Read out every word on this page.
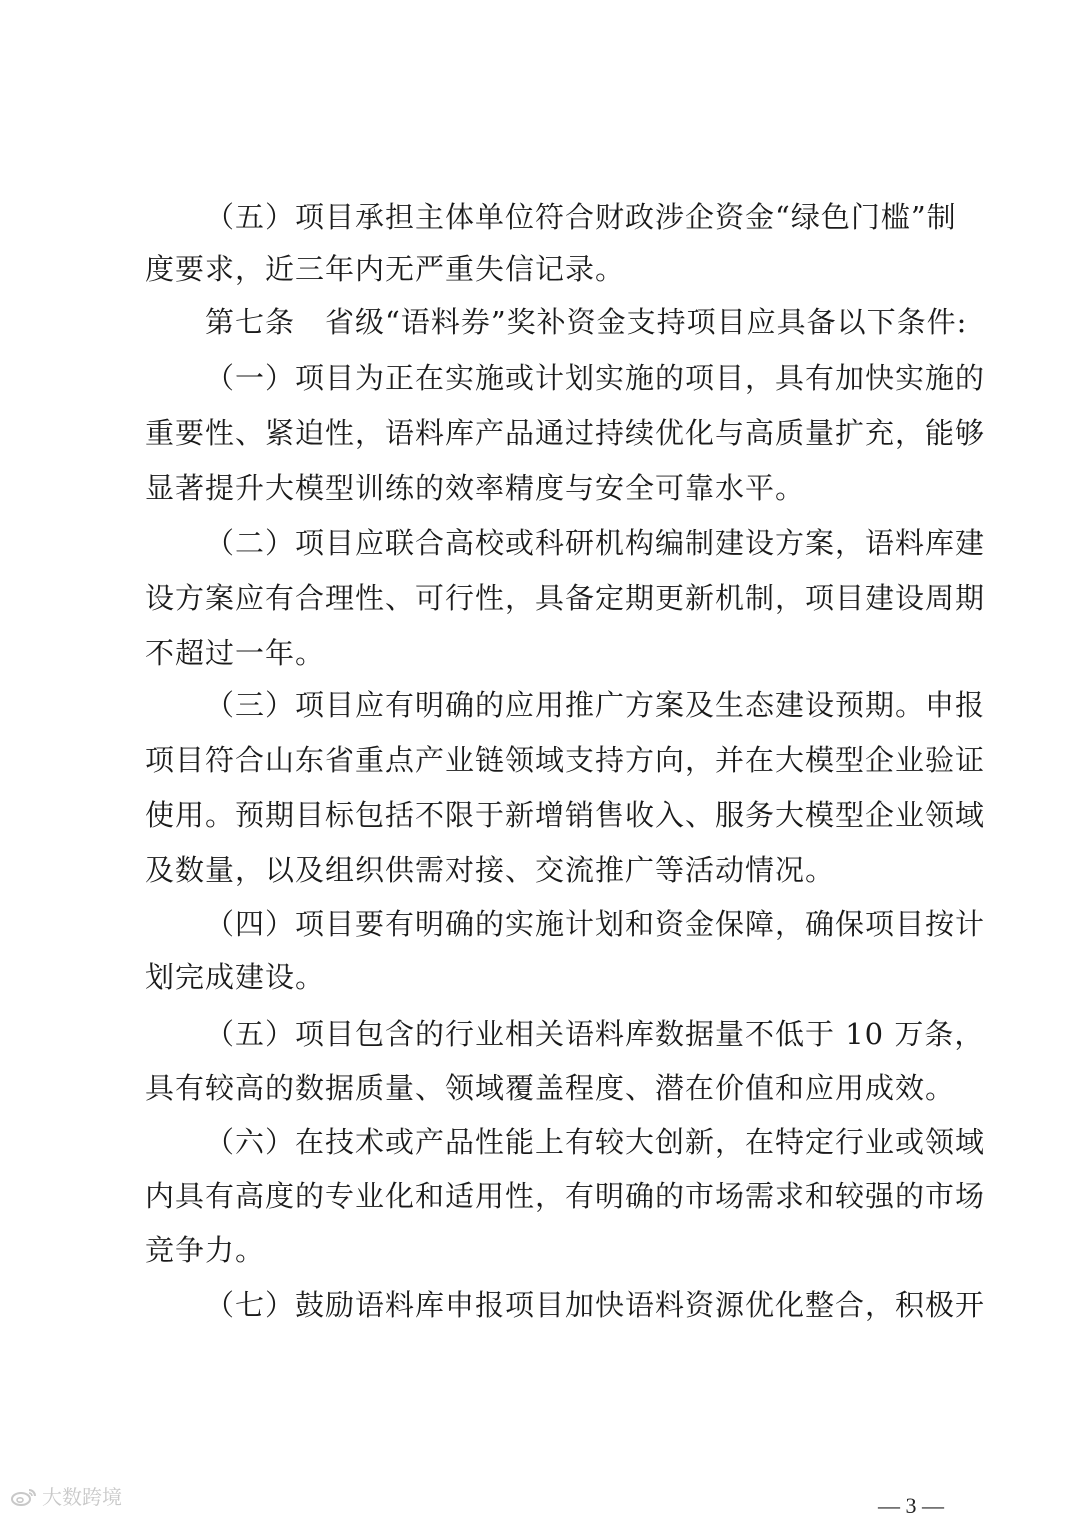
（五）项目承担主体单位符合财政涉企资金“绿色门槛”制
度要求，近三年内无严重失信记录。
第七条　省级“语料券”奖补资金支持项目应具备以下条件:
（一）项目为正在实施或计划实施的项目，具有加快实施的
重要性、紧迫性，语料库产品通过持续优化与高质量扩充，能够
显著提升大模型训练的效率精度与安全可靠水平。
（二）项目应联合高校或科研机构编制建设方案，语料库建
设方案应有合理性、可行性，具备定期更新机制，项目建设周期
不超过一年。
（三）项目应有明确的应用推广方案及生态建设预期。申报
项目符合山东省重点产业链领域支持方向，并在大模型企业验证
使用。预期目标包括不限于新增销售收入、服务大模型企业领域
及数量，以及组织供需对接、交流推广等活动情况。
（四）项目要有明确的实施计划和资金保障，确保项目按计
划完成建设。
（五）项目包含的行业相关语料库数据量不低于 10 万条，
具有较高的数据质量、领域覆盖程度、潜在价值和应用成效。
（六）在技术或产品性能上有较大创新，在特定行业或领域
内具有高度的专业化和适用性，有明确的市场需求和较强的市场
竞争力。
（七）鼓励语料库申报项目加快语料资源优化整合，积极开
— 3 —
大数跨境
